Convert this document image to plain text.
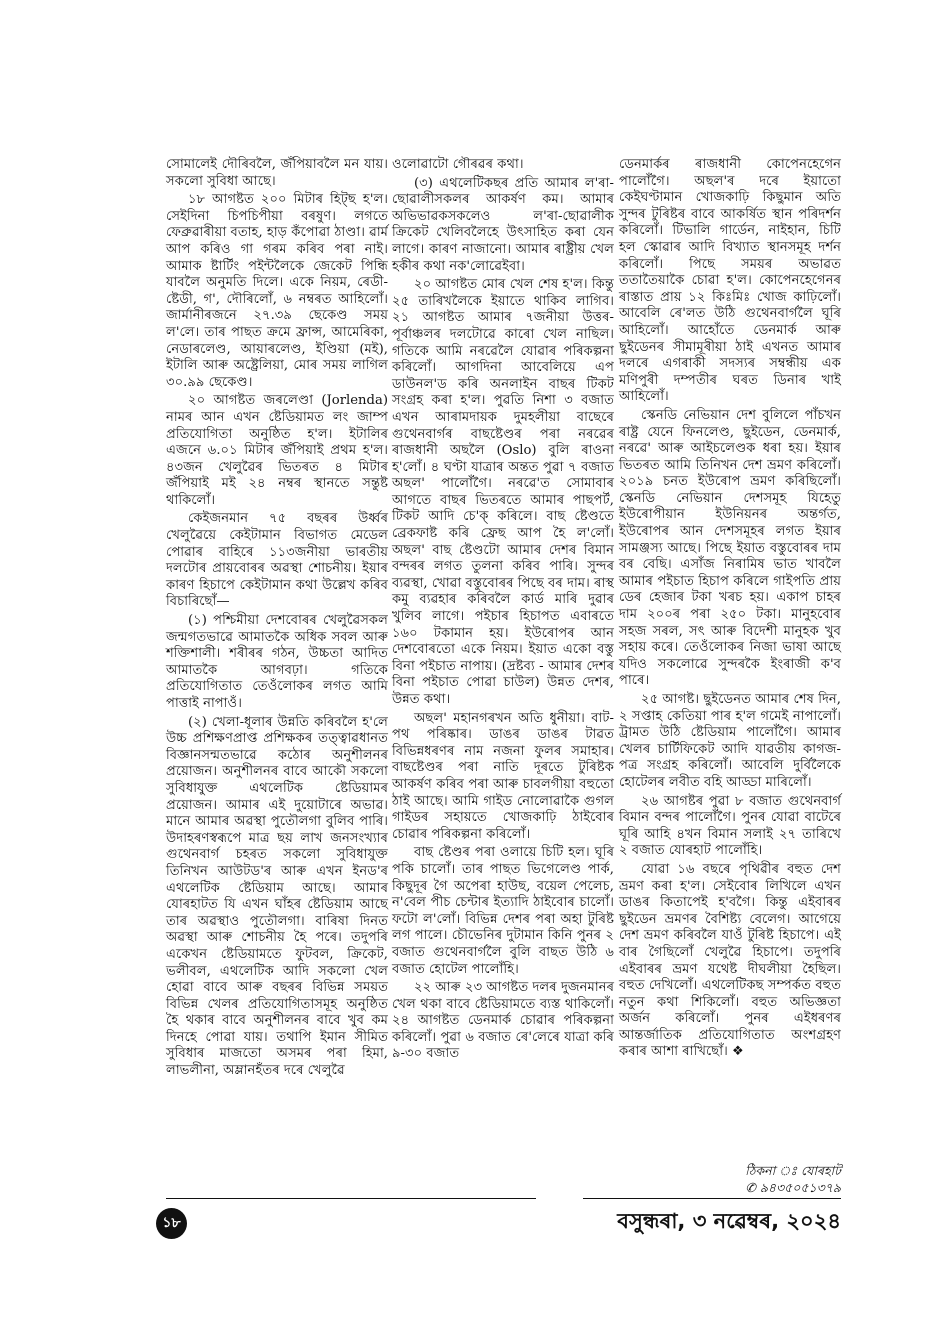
সোমালেই দৌৰিবলৈ, জঁপিয়াবলৈ মন যায়। সকলো সুবিধা আছে।

১৮ আগষ্টত ২০০ মিটাৰ হিট্ছ হ'ল। সেইদিনা চিপচিপীয়া বৰষুণ। লগতে ফেব্ৰুৱাৰীয়া বতাহ, হাড় কঁপোৱা ঠাণ্ডা। ৱাৰ্ম আপ কৰিও গা গৰম কৰিব পৰা নাই। আমাক ষ্টাৰ্টিং পইন্টলৈকে জেকেট পিন্ধি যাবলৈ অনুমতি দিলে। একে নিয়ম, ৰেডী-ষ্টেডী, গ', দৌৰিলোঁ, ৬ নম্বৰত আহিলোঁ। জাৰ্মানীৰজনে ২৭.৩৯ ছেকেণ্ড সময় ল'লে। তাৰ পাছত ক্ৰমে ফ্ৰান্স, আমেৰিকা, নেডাৰলেণ্ড, আয়াৰলেণ্ড, ইণ্ডিয়া (মই), ইটালি আৰু অষ্ট্ৰেলিয়া, মোৰ সময় লাগিল ৩০.৯৯ ছেকেণ্ড।

২০ আগষ্টত জৰলেণ্ডা (Jorlenda) নামৰ আন এখন ষ্টেডিয়ামত লং জাম্প প্ৰতিযোগিতা অনুষ্ঠিত হ'ল। ইটালিৰ এজনে ৬.০১ মিটাৰ জঁপিয়াই প্ৰথম হ'ল। ৪৩জন খেলুৱৈৰ ভিতৰত ৪ মিটাৰ জঁপিয়াই মই ২৪ নম্বৰ স্থানতে সন্তুষ্ট থাকিলোঁ।

কেইজনমান ৭৫ বছৰৰ উৰ্ধ্বৰ খেলুৱৈয়ে কেইটামান বিভাগত মেডেল পোৱাৰ বাহিৰে ১১৩জনীয়া ভাৰতীয় দলটোৰ প্ৰায়বোৰৰ অৱস্থা শোচনীয়। ইয়াৰ কাৰণ হিচাপে কেইটামান কথা উল্লেখ কৰিব বিচাৰিছোঁ—

(১) পশ্চিমীয়া দেশবোৰৰ খেলুৱৈসকল জন্মগতভাৱে আমাতকৈ অধিক সবল আৰু শক্তিশালী। শৰীৰৰ গঠন, উচ্চতা আদিত আমাতকৈ আগবঢ়া। গতিকে প্ৰতিযোগিতাত তেওঁলোকৰ লগত আমি পাত্তাই নাপাওঁ।

(২) খেলা-ধূলাৰ উন্নতি কৰিবলৈ হ'লে উচ্চ প্ৰশিক্ষণপ্ৰাপ্ত প্ৰশিক্ষকৰ তত্ত্বাৱধানত বিজ্ঞানসন্মতভাৱে কঠোৰ অনুশীলনৰ প্ৰয়োজন। অনুশীলনৰ বাবে আকৌ সকলো সুবিধাযুক্ত এথলেটিক ষ্টেডিয়ামৰ প্ৰয়োজন। আমাৰ এই দুয়োটাৰে অভাৱ। মানে আমাৰ অৱস্থা পুতৌলগা বুলিব পাৰি। উদাহৰণস্বৰূপে মাত্ৰ ছয় লাখ জনসংখ্যাৰ গুথেনবাৰ্গ চহৰত সকলো সুবিধাযুক্ত তিনিখন আউটড'ৰ আৰু এখন ইনড'ৰ এথলেটিক ষ্টেডিয়াম আছে। আমাৰ যোৰহাটত যি এখন ঘাঁহৰ ষ্টেডিয়াম আছে তাৰ অৱস্থাও পুতৌলগা। বাৰিষা দিনত অৱস্থা আৰু শোচনীয় হৈ পৰে। তদুপৰি একেখন ষ্টেডিয়ামতে ফুটবল, ক্ৰিকেট, ভলীবল, এথলেটিক আদি সকলো খেল হোৱা বাবে আৰু বছৰৰ বিভিন্ন সময়ত বিভিন্ন খেলৰ প্ৰতিযোগিতাসমূহ অনুষ্ঠিত হৈ থকাৰ বাবে অনুশীলনৰ বাবে খুব কম দিনহে পোৱা যায়। তথাপি ইমান সীমিত সুবিধাৰ মাজতো অসমৰ পৰা হিমা, লাভলীনা, অম্লানহঁতৰ দৰে খেলুৱৈ

ওলোৱাটো গৌৰৱৰ কথা।

(৩) এথলেটিকছৰ প্ৰতি আমাৰ ল'ৰা-ছোৱালীসকলৰ আকৰ্ষণ কম। আমাৰ অভিভাৱকসকলেও ল'ৰা-ছোৱালীক ক্ৰিকেট খেলিবলৈহে উৎসাহিত কৰা যেন লাগে। কাৰণ নাজানো। আমাৰ ৰাষ্ট্ৰীয় খেল হকীৰ কথা নক'লোৱেইবা।

২০ আগষ্টত মোৰ খেল শেষ হ'ল। কিন্তু ২৫ তাৰিখলৈকে ইয়াতে থাকিব লাগিব। ২১ আগষ্টত আমাৰ ৭জনীয়া উত্তৰ-পূৰ্বাঞ্চলৰ দলটোৱে কাৰো খেল নাছিল। গতিকে আমি নৰৱেলৈ যোৱাৰ পৰিকল্পনা কৰিলোঁ। আগদিনা আবেলিয়ে এপ ডাউনল'ড কৰি অনলাইন বাছৰ টিকট সংগ্ৰহ কৰা হ'ল। পুৱতি নিশা ৩ বজাত এখন আৰামদায়ক দুমহলীয়া বাছেৰে গুথেনবাৰ্গৰ বাছষ্টেণ্ডৰ পৰা নৰৱেৰ ৰাজধানী অছলৈ (Oslo) বুলি ৰাওনা হ'লোঁ। ৪ ঘণ্টা যাত্ৰাৰ অন্তত পুৱা ৭ বজাত অছল' পালোঁগৈ। নৰৱে'ত সোমাবাৰ আগতে বাছৰ ভিতৰতে আমাৰ পাছপৰ্ট, টিকট আদি চে'ক্ কৰিলে। বাছ ষ্টেণ্ডতে ব্ৰেকফাষ্ট কৰি ফ্ৰেছ আপ হৈ ল'লোঁ। অছল' বাছ ষ্টেণ্ডটো আমাৰ দেশৰ বিমান বন্দৰৰ লগত তুলনা কৰিব পাৰি। সুন্দৰ ব্যৱস্থা, খোৱা বস্তুবোৰৰ পিছে বৰ দাম। ৰাস্থ কমু ব্যৱহাৰ কৰিবলৈ কাৰ্ড মাৰি দুৱাৰ খুলিব লাগে। পইচাৰ হিচাপত এবাৰতে ১৬০ টকামান হয়। ইউৰোপৰ আন দেশবোৰতো একে নিয়ম। ইয়াত একো বস্তু বিনা পইচাত নাপায়। (দ্ৰষ্টব্য - আমাৰ দেশৰ বিনা পইচাত পোৱা চাউল) উন্নত দেশৰ, উন্নত কথা।

অছল' মহানগৰখন অতি ধুনীয়া। বাট-পথ পৰিষ্কাৰ। ডাঙৰ ডাঙৰ টাৱত বিভিন্নধৰণৰ নাম নজনা ফুলৰ সমাহাৰ। বাছষ্টেণ্ডৰ পৰা নাতি দূৰতে টুৰিষ্টক আকৰ্ষণ কৰিব পৰা আৰু চাবলগীয়া বহুতো ঠাই আছে। আমি গাইড নোলোৱাকৈ গুগল গাইডৰ সহায়তে খোজকাঢ়ি ঠাইবোৰ চোৱাৰ পৰিকল্পনা কৰিলোঁ।

বাছ ষ্টেণ্ডৰ পৰা ওলায়ে চিটি হল। ঘূৰি পকি চালোঁ। তাৰ পাছত ভিগেলেণ্ড পাৰ্ক, কিছুদূৰ গৈ অপেৰা হাউছ, বয়েল পেলেচ, ন'বেল পীচ চেন্টাৰ ইত্যাদি ঠাইবোৰ চালোঁ। ফটো ল'লোঁ। বিভিন্ন দেশৰ পৰা অহা টুৰিষ্ট লগ পালে। চৌভেনিৰ দুটামান কিনি পুনৰ ২ বজাত গুথেনবাৰ্গলৈ বুলি বাছত উঠি ৬ বজাত হোটেল পালোঁহি।

২২ আৰু ২৩ আগষ্টত দলৰ দুজনমানৰ খেল থকা বাবে ষ্টেডিয়ামতে ব্যস্ত থাকিলোঁ। ২৪ আগষ্টত ডেনমাৰ্ক চোৱাৰ পৰিকল্পনা কৰিলোঁ। পুৱা ৬ বজাত ৰে'লেৰে যাত্ৰা কৰি ৯-৩০ বজাত

ডেনমাৰ্কৰ ৰাজধানী কোপেনহেগেন পালোঁগৈ। অছল'ৰ দৰে ইয়াতো কেইঘণ্টামান খোজকাঢ়ি কিছুমান অতি সুন্দৰ টুৰিষ্টৰ বাবে আকৰ্ষিত স্থান পৰিদৰ্শন কৰিলোঁ। টিভালি গাৰ্ডেন, নাইহান, চিটি হল স্কোৱাৰ আদি বিখ্যাত স্থানসমূহ দৰ্শন কৰিলোঁ। পিছে সময়ৰ অভাৱত ততাতৈয়াকৈ চোৱা হ'ল। কোপেনহেগেনৰ ৰাস্তাত প্ৰায় ১২ কিঃমিঃ খোজ কাঢ়িলোঁ। আবেলি ৰে'লত উঠি গুথেনবাৰ্গলৈ ঘূৰি আহিলোঁ। আহোঁতে ডেনমাৰ্ক আৰু ছুইডেনৰ সীমামূৰীয়া ঠাই এখনত আমাৰ দলৰে এগৰাকী সদস্যৰ সম্বন্ধীয় এক মণিপুৰী দম্পতীৰ ঘৰত ডিনাৰ খাই আহিলোঁ।

স্কেনডি নেভিয়ান দেশ বুলিলে পাঁচখন ৰাষ্ট্ৰ যেনে ফিনলেণ্ড, ছুইডেন, ডেনমাৰ্ক, নৰৱে' আৰু আইচলেণ্ডক ধৰা হয়। ইয়াৰ ভিতৰত আমি তিনিখন দেশ ভ্ৰমণ কৰিলোঁ। ২০১৯ চনত ইউৰোপ ভ্ৰমণ কৰিছিলোঁ। স্কেনডি নেভিয়ান দেশসমূহ যিহেতু ইউৰোপীয়ান ইউনিয়নৰ অন্তৰ্গত, ইউৰোপৰ আন দেশসমূহৰ লগত ইয়াৰ সামঞ্জস্য আছে। পিছে ইয়াত বস্তুবোৰৰ দাম বৰ বেছি। এসাঁজ নিৰামিষ ভাত খাবলৈ আমাৰ পইচাত হিচাপ কৰিলে গাইপতি প্ৰায় ডেৰ হেজাৰ টকা খৰচ হয়। একাপ চাহৰ দাম ২০০ৰ পৰা ২৫০ টকা। মানুহবোৰ সহজ সৰল, সৎ আৰু বিদেশী মানুহক খুব সহায় কৰে। তেওঁলোকৰ নিজা ভাষা আছে যদিও সকলোৱে সুন্দৰকৈ ইংৰাজী ক'ব পাৰে।

২৫ আগষ্ট। ছুইডেনত আমাৰ শেষ দিন, ২ সপ্তাহ কেতিয়া পাৰ হ'ল গমেই নাপালোঁ। ট্ৰামত উঠি ষ্টেডিয়াম পালোঁগৈ। আমাৰ খেলৰ চাৰ্টিফিকেট আদি যাৱতীয় কাগজ-পত্ৰ সংগ্ৰহ কৰিলোঁ। আবেলি দুৰ্বিলৈকে হোটেলৰ লবীত বহি আড্ডা মাৰিলোঁ।

২৬ আগষ্টৰ পুৱা ৮ বজাত গুথেনবাৰ্গ বিমান বন্দৰ পালোঁগৈ। পুনৰ যোৱা বাটেৰে ঘূৰি আহি ৪খন বিমান সলাই ২৭ তাৰিখে ২ বজাত যোৰহাট পালোঁহি।

যোৱা ১৬ বছৰে পৃথিৱীৰ বহুত দেশ ভ্ৰমণ কৰা হ'ল। সেইবোৰ লিখিলে এখন ডাঙৰ কিতাপেই হ'বগৈ। কিন্তু এইবাৰৰ ছুইডেন ভ্ৰমণৰ বৈশিষ্ট্য বেলেগ। আগেয়ে দেশ ভ্ৰমণ কৰিবলৈ যাওঁ টুৰিষ্ট হিচাপে। এই বাৰ গৈছিলোঁ খেলুৱৈ হিচাপে। তদুপৰি এইবাৰৰ ভ্ৰমণ যথেষ্ট দীঘলীয়া হৈছিল। বহুত দেখিলোঁ। এথলেটিকছ সম্পৰ্কত বহুত নতুন কথা শিকিলোঁ। বহুত অভিজ্ঞতা অৰ্জন কৰিলোঁ। পুনৰ এইধৰণৰ আন্তৰ্জাতিক প্ৰতিযোগিতাত অংশগ্ৰহণ কৰাৰ আশা ৰাখিছোঁ। ❖

ঠিকনা ঃ যোৰহাট
✆ ৯৪৩৫০৫১৩৭৯
১৮	বসুন্ধৰা, ৩ নৱেম্বৰ, ২০২৪
